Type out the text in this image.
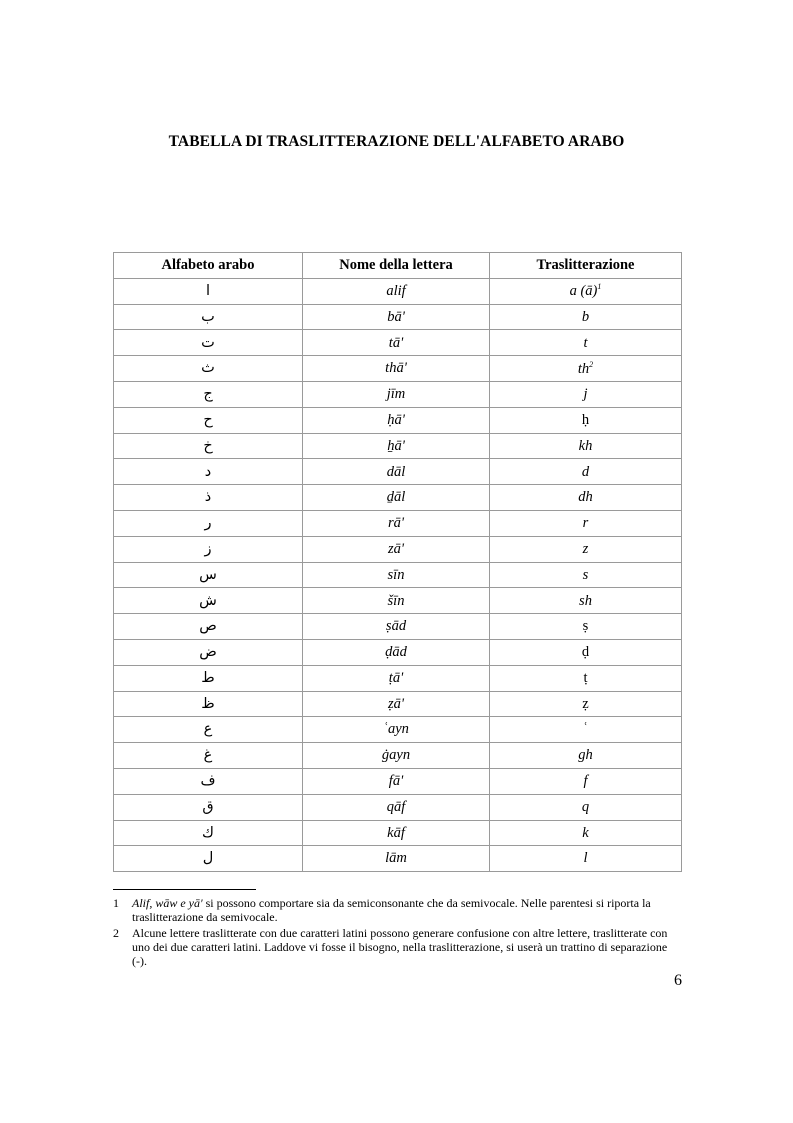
TABELLA DI TRASLITTERAZIONE DELL'ALFABETO ARABO
Alfabeto arabo	Nome della lettera	Traslitterazione
ا	alif	a (ā)$^1$
ب	bā'	b
ت	tā'	t
ث	thā'	th$^2$
ج	jīm	j
ح	ḥā'	ḥ
خ	ẖā'	kh
د	dāl	d
ذ	ḏāl	dh
ر	rā'	r
ز	zā'	z
س	sīn	s
ش	šīn	sh
ص	ṣād	ṣ
ض	ḍād	ḍ
ط	ṭā'	ṭ
ظ	ẓā'	ẓ
ع	ʿayn	ʿ
غ	ġayn	gh
ف	fā'	f
ق	qāf	q
ك	kāf	k
ل	lām	l
1 Alif, wāw e yā' si possono comportare sia da semiconsonante che da semivocale. Nelle parentesi si riporta la traslitterazione da semivocale.
2 Alcune lettere traslitterate con due caratteri latini possono generare confusione con altre lettere, traslitterate con uno dei due caratteri latini. Laddove vi fosse il bisogno, nella traslitterazione, si userà un trattino di separazione (-).
6
